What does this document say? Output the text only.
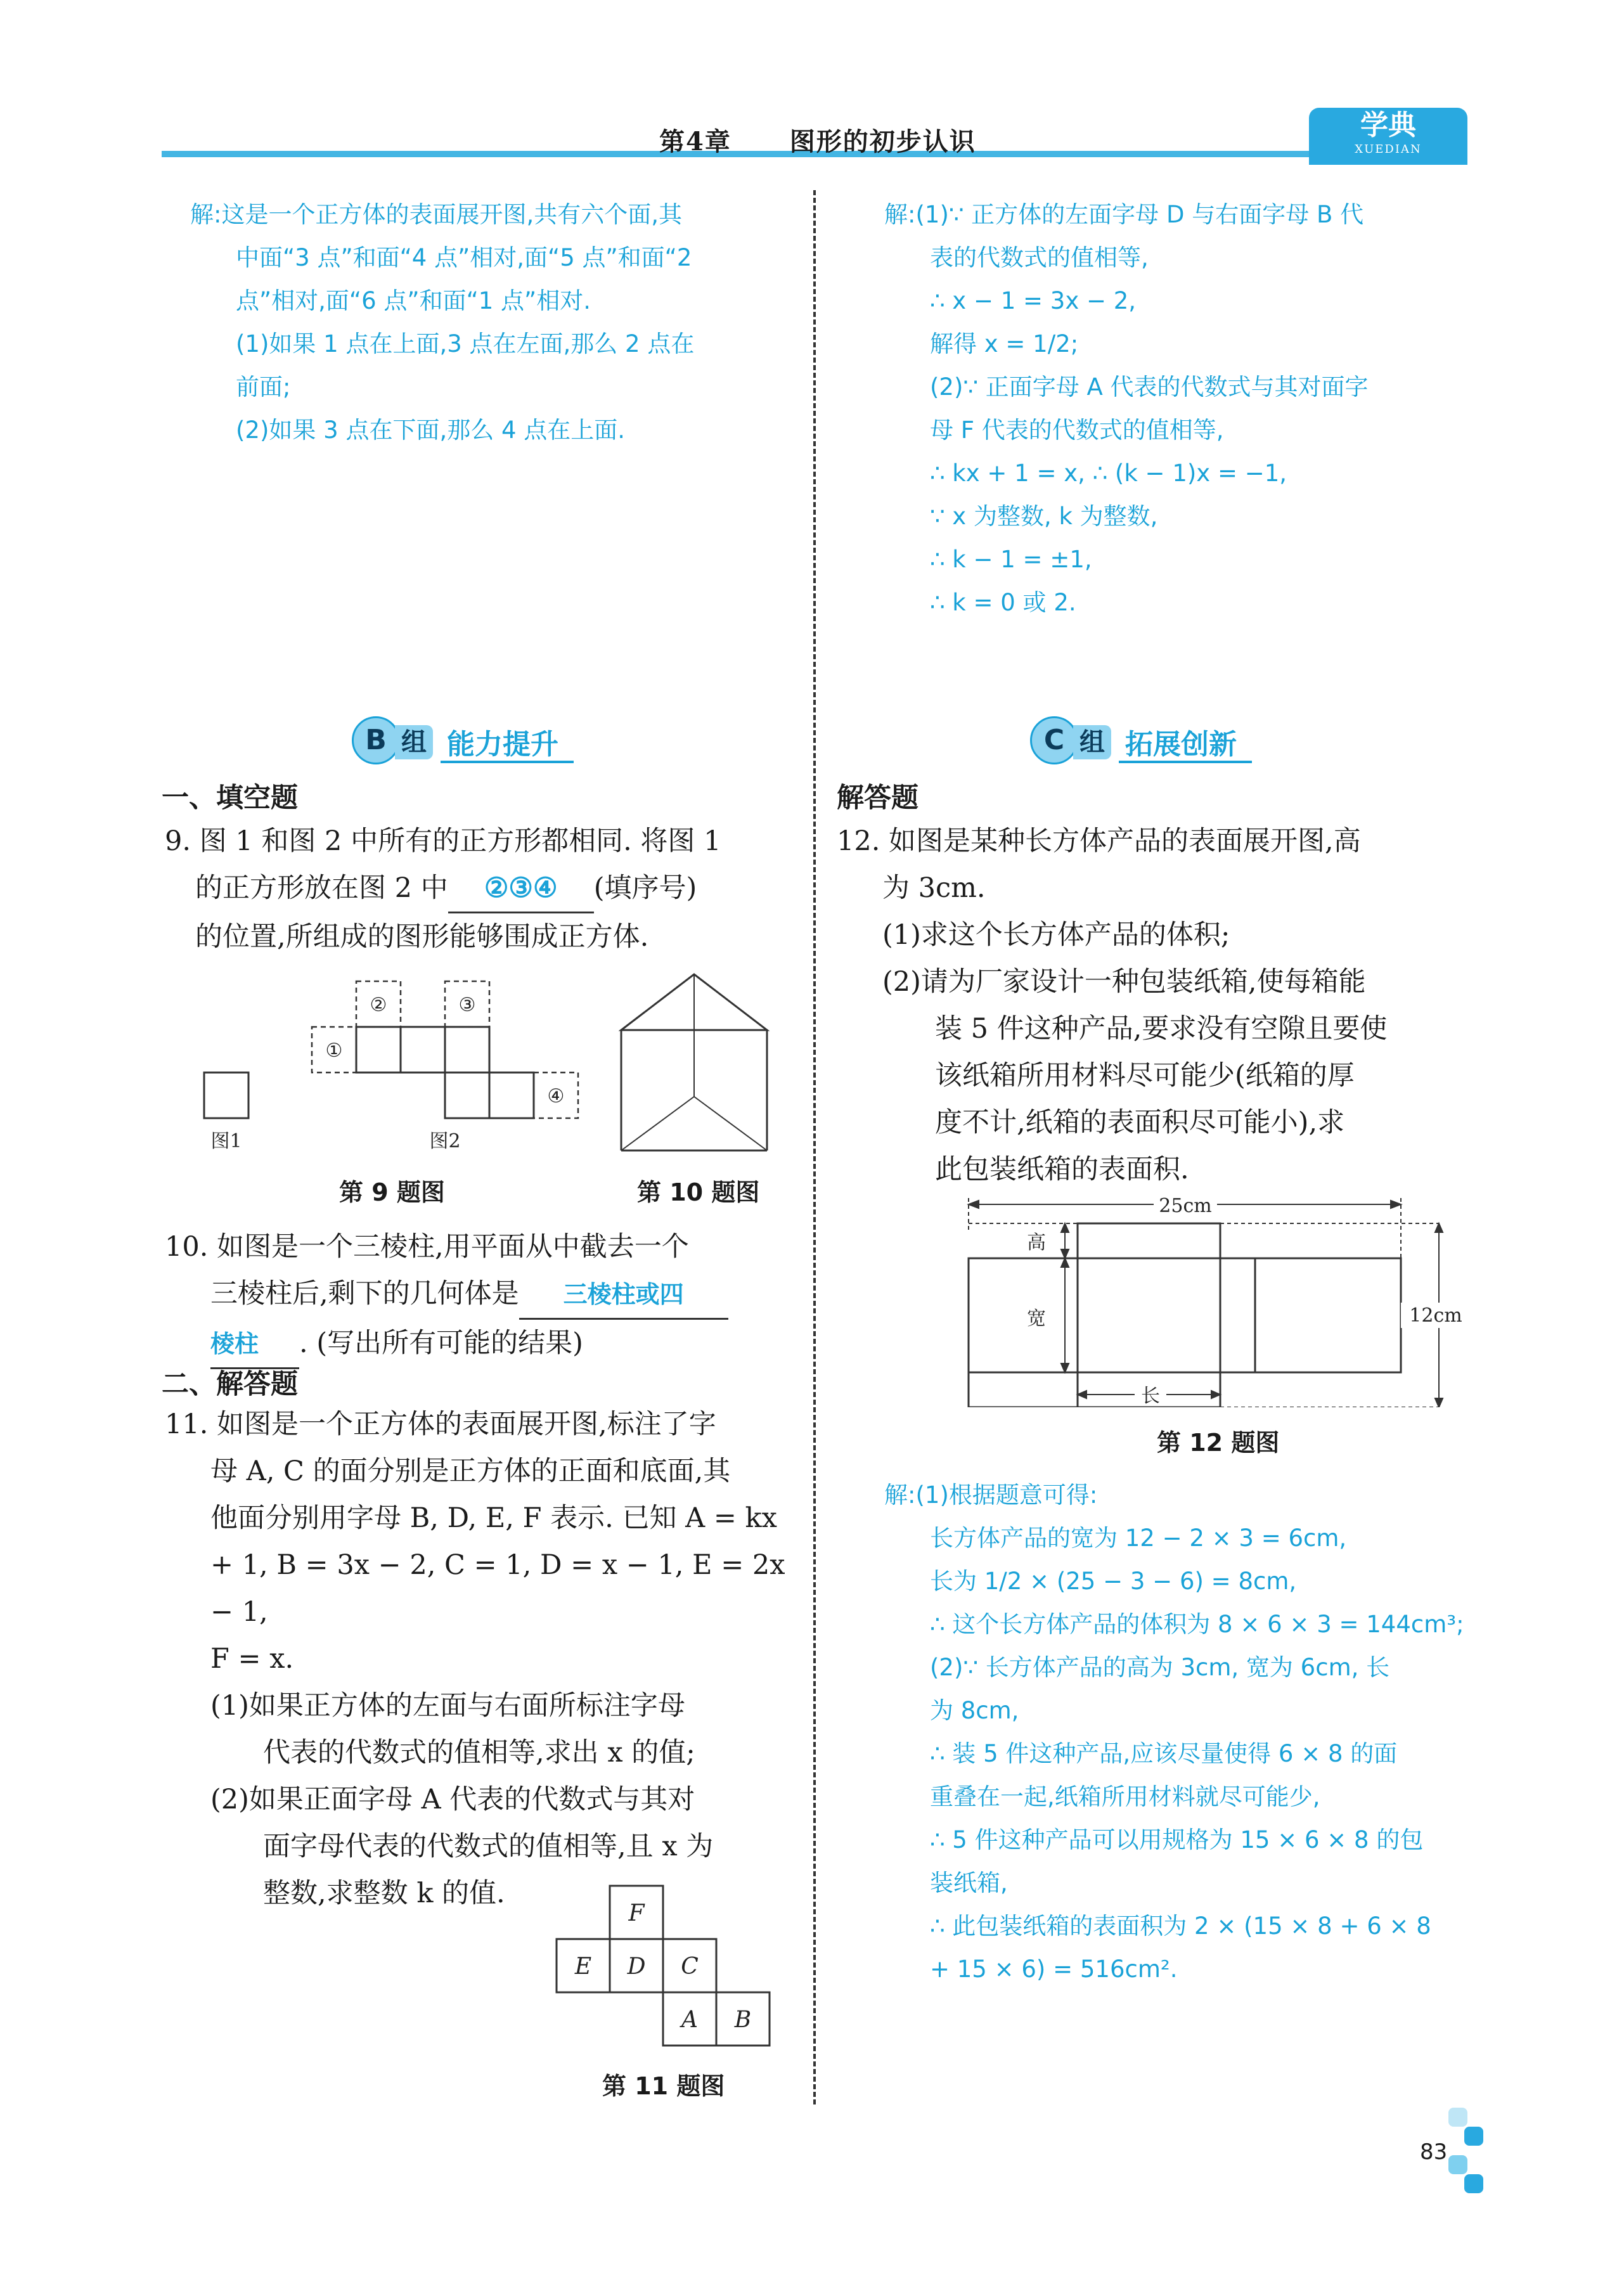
第4章 图形的初步认识
学典
XUEDIAN
解:这是一个正方体的表面展开图,共有六个面,其
中面“3 点”和面“4 点”相对,面“5 点”和面“2
点”相对,面“6 点”和面“1 点”相对.
(1)如果 1 点在上面,3 点在左面,那么 2 点在
前面;
(2)如果 3 点在下面,那么 4 点在上面.
解:(1)∵ 正方体的左面字母 D 与右面字母 B 代
表的代数式的值相等,
∴ x − 1 = 3x − 2,
解得 x = 1/2;
(2)∵ 正面字母 A 代表的代数式与其对面字
母 F 代表的代数式的值相等,
∴ kx + 1 = x, ∴ (k − 1)x = −1,
∵ x 为整数, k 为整数,
∴ k − 1 = ±1,
∴ k = 0 或 2.
B 组 能力提升	C 组 拓展创新
一、填空题
9. 图 1 和图 2 中所有的正方形都相同. 将图 1
的正方形放在图 2 中 ②③④ (填序号)
的位置,所组成的图形能够围成正方体.
①
②	③
④
图1	图2
第 9 题图	第 10 题图
10. 如图是一个三棱柱,用平面从中截去一个
三棱柱后,剩下的几何体是 三棱柱或四
棱柱 . (写出所有可能的结果)
二、解答题
11. 如图是一个正方体的表面展开图,标注了字
母 A, C 的面分别是正方体的正面和底面,其
他面分别用字母 B, D, E, F 表示. 已知 A = kx
+ 1, B = 3x − 2, C = 1, D = x − 1, E = 2x − 1,
F = x.
(1)如果正方体的左面与右面所标注字母
代表的代数式的值相等,求出 x 的值;
(2)如果正面字母 A 代表的代数式与其对
面字母代表的代数式的值相等,且 x 为
整数,求整数 k 的值.
F
E D C
A B
第 11 题图
解答题
12. 如图是某种长方体产品的表面展开图,高
为 3cm.
(1)求这个长方体产品的体积;
(2)请为厂家设计一种包装纸箱,使每箱能
装 5 件这种产品,要求没有空隙且要使
该纸箱所用材料尽可能少(纸箱的厚
度不计,纸箱的表面积尽可能小),求
此包装纸箱的表面积.
25cm
高
宽
长
12cm
第 12 题图
解:(1)根据题意可得:
长方体产品的宽为 12 − 2 × 3 = 6cm,
长为 1/2 × (25 − 3 − 6) = 8cm,
∴ 这个长方体产品的体积为 8 × 6 × 3 = 144cm³;
(2)∵ 长方体产品的高为 3cm, 宽为 6cm, 长
为 8cm,
∴ 装 5 件这种产品,应该尽量使得 6 × 8 的面
重叠在一起,纸箱所用材料就尽可能少,
∴ 5 件这种产品可以用规格为 15 × 6 × 8 的包
装纸箱,
∴ 此包装纸箱的表面积为 2 × (15 × 8 + 6 × 8
+ 15 × 6) = 516cm².
83
